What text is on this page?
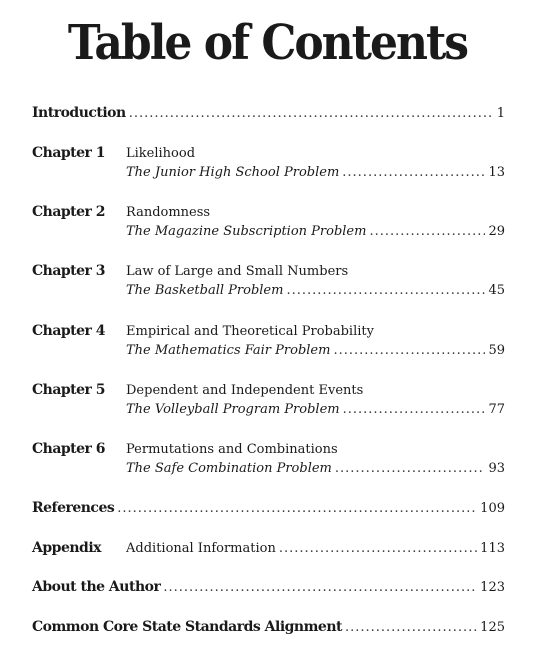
Table of Contents
Introduction .....	1
Chapter 1	Likelihood
The Junior High School Problem .....	13
Chapter 2	Randomness
The Magazine Subscription Problem .....	29
Chapter 3	Law of Large and Small Numbers
The Basketball Problem .....	45
Chapter 4	Empirical and Theoretical Probability
The Mathematics Fair Problem .....	59
Chapter 5	Dependent and Independent Events
The Volleyball Program Problem .....	77
Chapter 6	Permutations and Combinations
The Safe Combination Problem .....	93
References .....	109
Appendix	Additional Information .....	113
About the Author .....	123
Common Core State Standards Alignment .....	125
